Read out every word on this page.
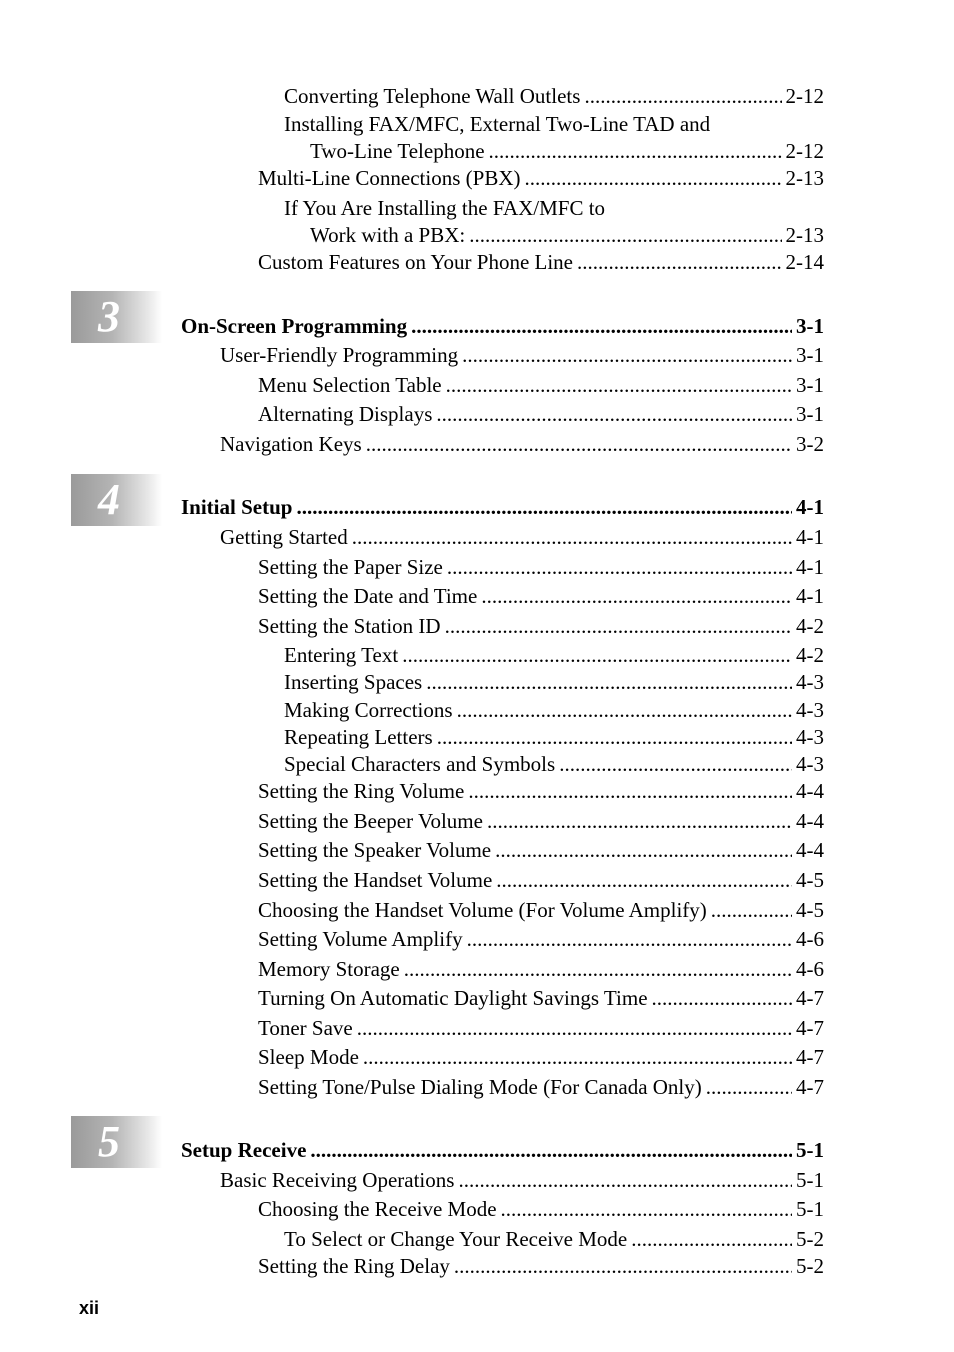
3
4
5
Converting Telephone Wall Outlets .....	2-12
Installing FAX/MFC, External Two-Line TAD and
Two-Line Telephone .....	2-12
Multi-Line Connections (PBX) .....	2-13
If You Are Installing the FAX/MFC to
Work with a PBX: .....	2-13
Custom Features on Your Phone Line .....	2-14
On-Screen Programming .....	3-1
User-Friendly Programming .....	3-1
Menu Selection Table .....	3-1
Alternating Displays .....	3-1
Navigation Keys .....	3-2
Initial Setup .....	4-1
Getting Started .....	4-1
Setting the Paper Size .....	4-1
Setting the Date and Time .....	4-1
Setting the Station ID .....	4-2
Entering Text .....	4-2
Inserting Spaces .....	4-3
Making Corrections .....	4-3
Repeating Letters .....	4-3
Special Characters and Symbols .....	4-3
Setting the Ring Volume .....	4-4
Setting the Beeper Volume .....	4-4
Setting the Speaker Volume .....	4-4
Setting the Handset Volume .....	4-5
Choosing the Handset Volume (For Volume Amplify) .....	4-5
Setting Volume Amplify .....	4-6
Memory Storage .....	4-6
Turning On Automatic Daylight Savings Time .....	4-7
Toner Save .....	4-7
Sleep Mode .....	4-7
Setting Tone/Pulse Dialing Mode (For Canada Only) .....	4-7
Setup Receive .....	5-1
Basic Receiving Operations .....	5-1
Choosing the Receive Mode .....	5-1
To Select or Change Your Receive Mode .....	5-2
Setting the Ring Delay .....	5-2
xii
